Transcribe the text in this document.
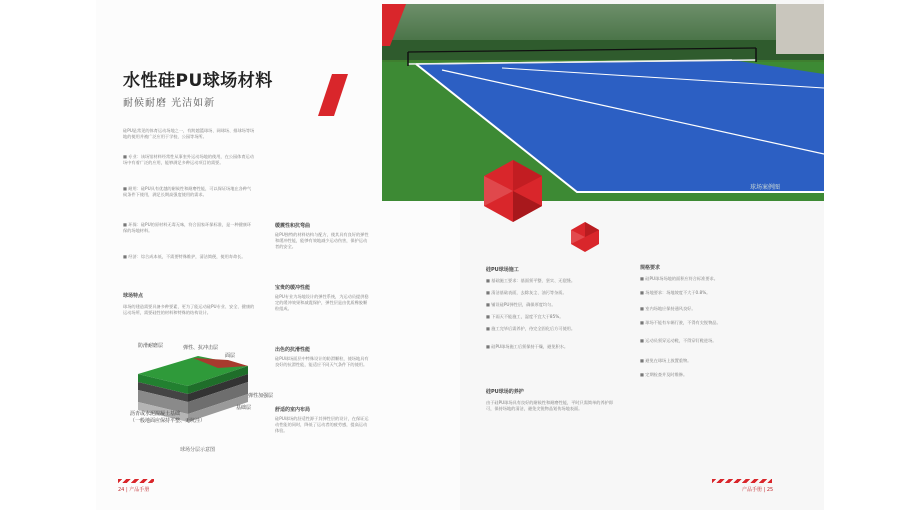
球场案例图
水性硅PU球场材料
耐候耐磨 光洁如新
硅PU是常见的体育运动场地之一，有跨越篮球场、网球场、排球场等场地的使用并被广泛应用于学校、公园等场所。
■ 专业：该场馆材料经常性从事室外运动场地的使用，在公园体育运动场中有着广泛的应用，能够满足多种运动项目的需要。
■ 耐用：硅PU具有优越的耐候性和耐磨性能，可以保证场地在各种气候条件下使用，满足长期高强度使用的需求。
■ 环保：硅PU的原材料无毒无味，符合国家环保标准，是一种健康环保的场地材料。
■ 经济：综合成本低，不需要特殊维护，清洁简便，使用寿命长。
球场特点
球场的建造需要具备多种要素，更为了能运动硅PU专业、安全、健康的运动场所，需要硅性的材料和特殊的结构设计。
防滑耐磨层	弹性、抗冲击层
面层
弹性加强层
基础层
沥青或水泥混凝土基础
（一般地面应保持平整、无坑洼）
球场分层示意图
缓震性和抗弯曲
硅PU独特的材料结构与配方，使其具有良好的弹性和缓冲性能，能够有效地减少运动伤害，保护运动者的安全。
宝贵的缓冲性能
硅PU专业为场地设计的弹性系统，为运动员提供稳定的缓冲效果和减震保护，弹性层是由优质橡胶颗粒组成。
出色的抗滑性能
硅PU球场面层中特殊设计的防滑颗粒，使场地具有良好的抗滑性能，能适应不同天气条件下的使用。
舒适的室内布局
硅PU球场的舒适性源于其弹性层的设计，在保证运动性能的同时，降低了运动者的疲劳感，提高运动体验。
硅PU球场施工
■ 基础施工要求：基面须平整、坚实、无裂缝。
■ 清洁基础表面，去除灰尘、油污等杂质。
■ 铺设硅PU弹性层，确保厚度均匀。
■ 下雨天不能施工，湿度不宜大于85%。
■ 施工完毕后需养护，待完全固化后方可使用。
■ 硅PU球场施工后须保持干燥，避免积水。
硅PU球场的养护
由于硅PU球场具有良好的耐候性和耐磨性能，平时只需简单的养护即可，保持场地的清洁，避免尖锐物品划伤场地表面。
规格要求
■ 硅PU球场场地的面积应符合标准要求。
■ 场地要求：场地坡度不大于0.8%。
■ 室内场地应保持通风良好。
■ 球场不能有车辆行驶，不得有尖锐物品。
■ 运动员须穿运动鞋，不得穿钉鞋进场。
■ 避免在球场上放置重物。
■ 定期检查并及时维修。
24 | 产品手册	产品手册 | 25
